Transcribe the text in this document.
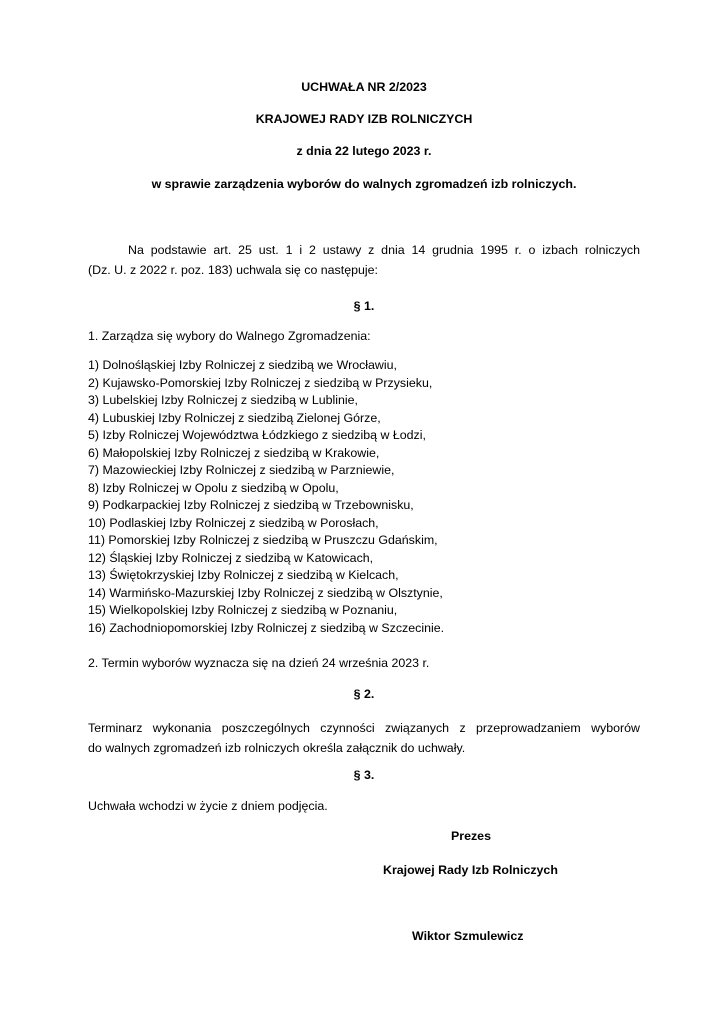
UCHWAŁA NR 2/2023
KRAJOWEJ RADY IZB ROLNICZYCH
z dnia 22 lutego 2023 r.
w sprawie zarządzenia wyborów do walnych zgromadzeń izb rolniczych.
Na podstawie art. 25 ust. 1 i 2 ustawy z dnia 14 grudnia 1995 r. o izbach rolniczych
(Dz. U. z 2022 r. poz. 183) uchwala się co następuje:
§ 1.
1. Zarządza się wybory do Walnego Zgromadzenia:
1) Dolnośląskiej Izby Rolniczej z siedzibą we Wrocławiu,
2) Kujawsko-Pomorskiej Izby Rolniczej z siedzibą w Przysieku,
3) Lubelskiej Izby Rolniczej z siedzibą w Lublinie,
4) Lubuskiej Izby Rolniczej z siedzibą Zielonej Górze,
5) Izby Rolniczej Województwa Łódzkiego z siedzibą w Łodzi,
6) Małopolskiej Izby Rolniczej z siedzibą w Krakowie,
7) Mazowieckiej Izby Rolniczej z siedzibą w Parzniewie,
8) Izby Rolniczej w Opolu z siedzibą w Opolu,
9) Podkarpackiej Izby Rolniczej z siedzibą w Trzebownisku,
10) Podlaskiej Izby Rolniczej z siedzibą w Porosłach,
11) Pomorskiej Izby Rolniczej z siedzibą w Pruszczu Gdańskim,
12) Śląskiej Izby Rolniczej z siedzibą w Katowicach,
13) Świętokrzyskiej Izby Rolniczej z siedzibą w Kielcach,
14) Warmińsko-Mazurskiej Izby Rolniczej z siedzibą w Olsztynie,
15) Wielkopolskiej Izby Rolniczej z siedzibą w Poznaniu,
16) Zachodniopomorskiej Izby Rolniczej z siedzibą w Szczecinie.
2. Termin wyborów wyznacza się na dzień 24 września 2023 r.
§ 2.
Terminarz wykonania poszczególnych czynności związanych z przeprowadzaniem wyborów
do walnych zgromadzeń izb rolniczych określa załącznik do uchwały.
§ 3.
Uchwała wchodzi w życie z dniem podjęcia.
Prezes
Krajowej Rady Izb Rolniczych
Wiktor Szmulewicz
